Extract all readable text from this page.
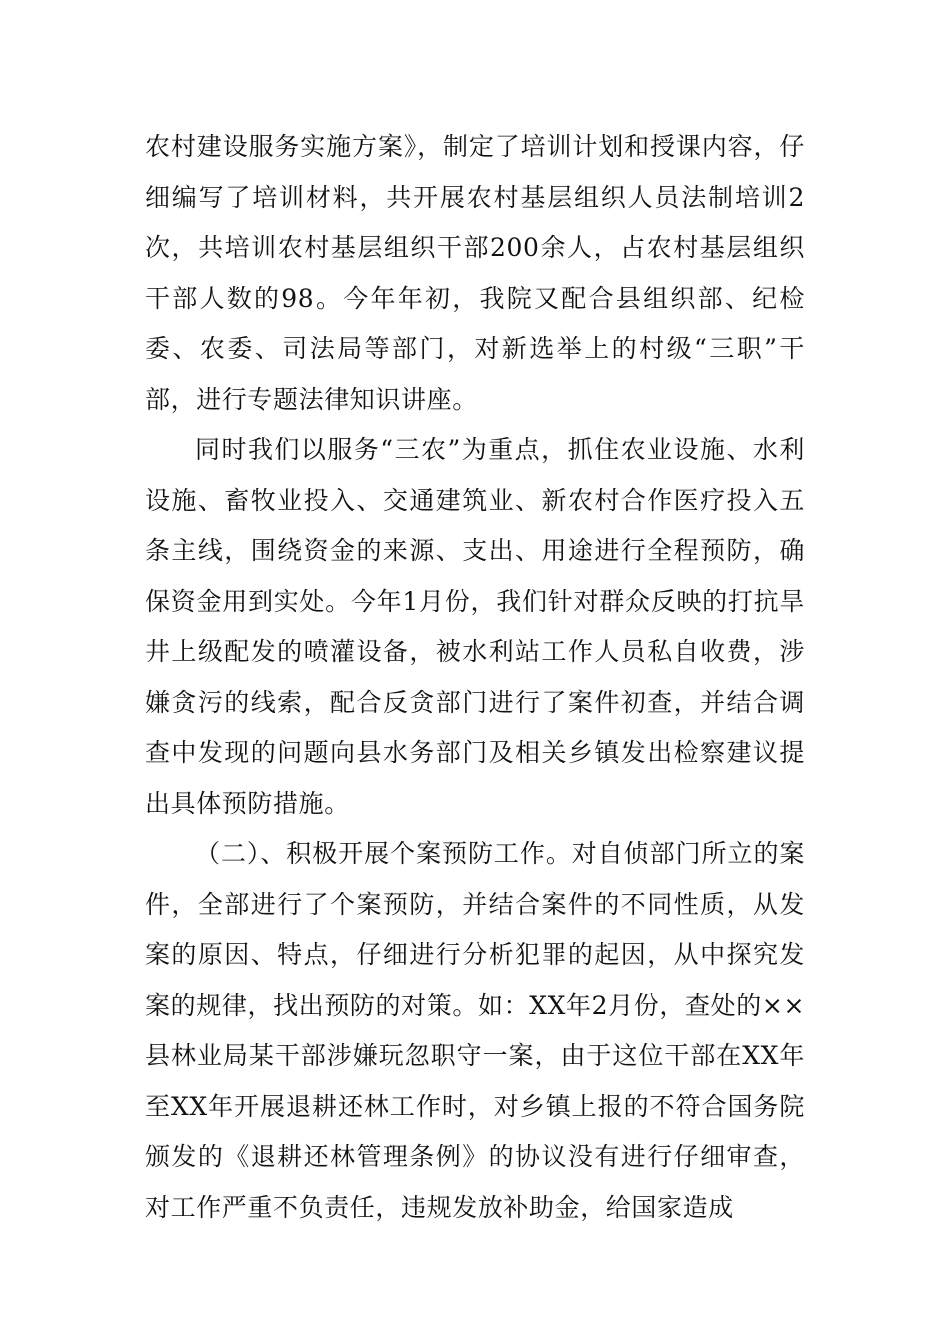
农村建设服务实施方案》，制定了培训计划和授课内容，仔细编写了培训材料，共开展农村基层组织人员法制培训2次，共培训农村基层组织干部200余人，占农村基层组织干部人数的98。今年年初，我院又配合县组织部、纪检委、农委、司法局等部门，对新选举上的村级“三职”干部，进行专题法律知识讲座。

同时我们以服务“三农”为重点，抓住农业设施、水利设施、畜牧业投入、交通建筑业、新农村合作医疗投入五条主线，围绕资金的来源、支出、用途进行全程预防，确保资金用到实处。今年1月份，我们针对群众反映的打抗旱井上级配发的喷灌设备，被水利站工作人员私自收费，涉嫌贪污的线索，配合反贪部门进行了案件初查，并结合调查中发现的问题向县水务部门及相关乡镇发出检察建议提出具体预防措施。

（二）、积极开展个案预防工作。对自侦部门所立的案件，全部进行了个案预防，并结合案件的不同性质，从发案的原因、特点，仔细进行分析犯罪的起因，从中探究发案的规律，找出预防的对策。如：XX年2月份，查处的××县林业局某干部涉嫌玩忽职守一案，由于这位干部在XX年至XX年开展退耕还林工作时，对乡镇上报的不符合国务院颁发的《退耕还林管理条例》的协议没有进行仔细审查，对工作严重不负责任，违规发放补助金，给国家造成
